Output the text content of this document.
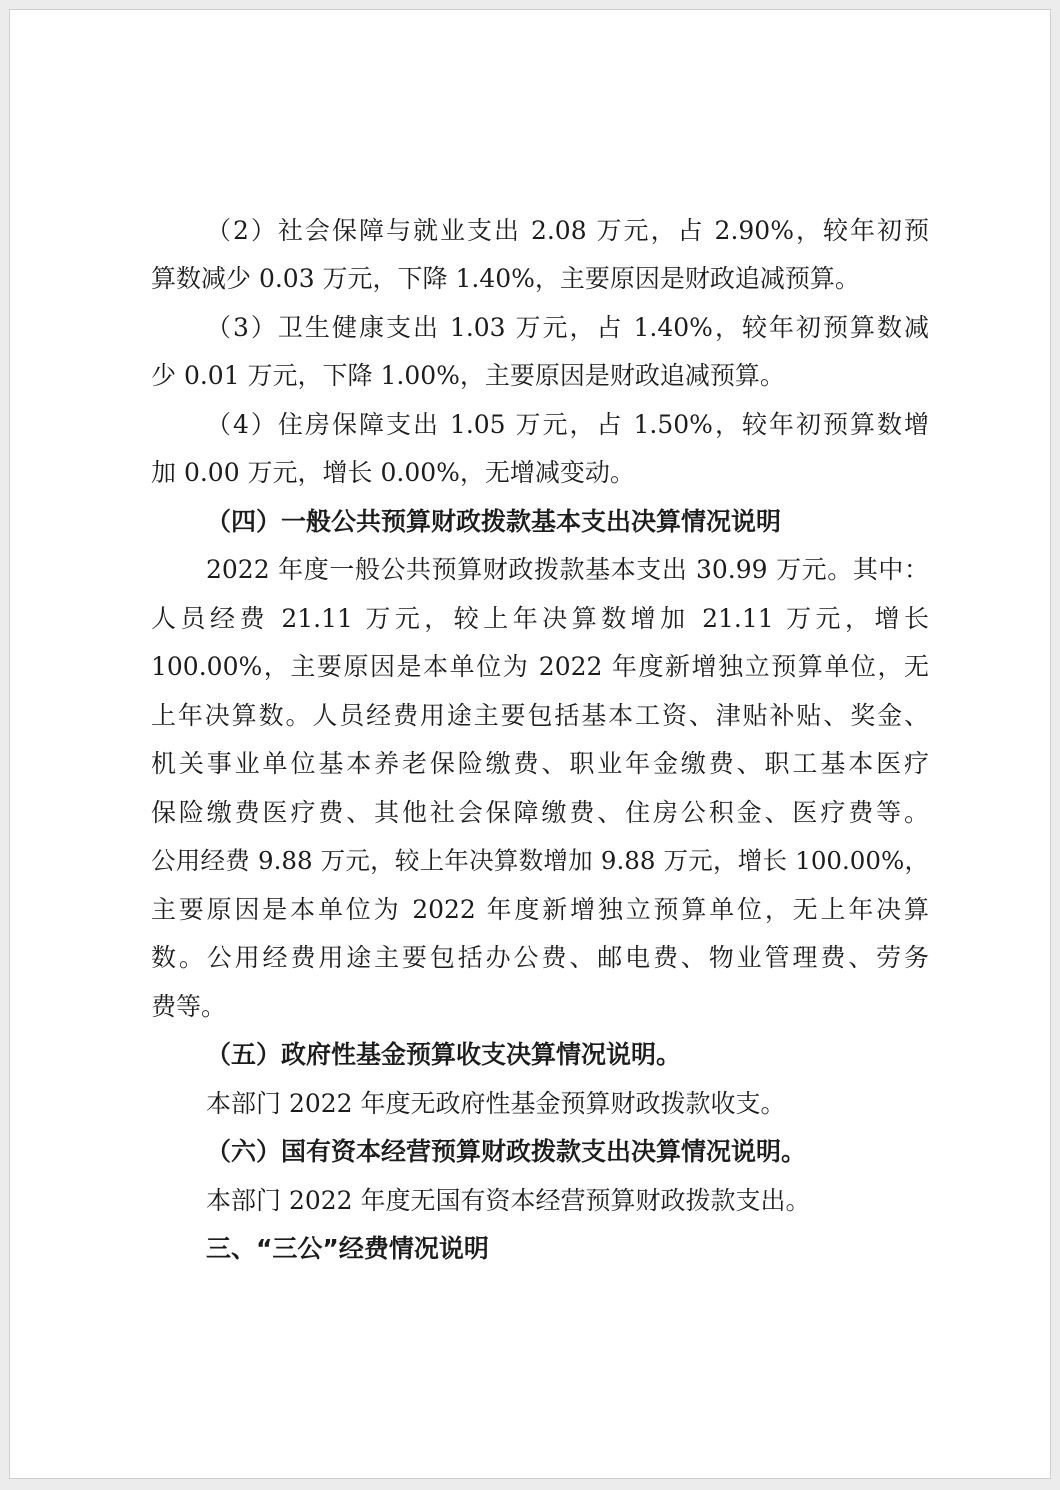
（2）社会保障与就业支出 2.08 万元，占 2.90%，较年初预
算数减少 0.03 万元，下降 1.40%，主要原因是财政追减预算。
（3）卫生健康支出 1.03 万元，占 1.40%，较年初预算数减
少 0.01 万元，下降 1.00%，主要原因是财政追减预算。
（4）住房保障支出 1.05 万元，占 1.50%，较年初预算数增
加 0.00 万元，增长 0.00%，无增减变动。
（四）一般公共预算财政拨款基本支出决算情况说明
2022 年度一般公共预算财政拨款基本支出 30.99 万元。其中：
人员经费 21.11 万元，较上年决算数增加 21.11 万元，增长
100.00%，主要原因是本单位为 2022 年度新增独立预算单位，无
上年决算数。人员经费用途主要包括基本工资、津贴补贴、奖金、
机关事业单位基本养老保险缴费、职业年金缴费、职工基本医疗
保险缴费医疗费、其他社会保障缴费、住房公积金、医疗费等。
公用经费 9.88 万元，较上年决算数增加 9.88 万元，增长 100.00%，
主要原因是本单位为 2022 年度新增独立预算单位，无上年决算
数。公用经费用途主要包括办公费、邮电费、物业管理费、劳务
费等。
（五）政府性基金预算收支决算情况说明。
本部门 2022 年度无政府性基金预算财政拨款收支。
（六）国有资本经营预算财政拨款支出决算情况说明。
本部门 2022 年度无国有资本经营预算财政拨款支出。
三、“三公”经费情况说明
